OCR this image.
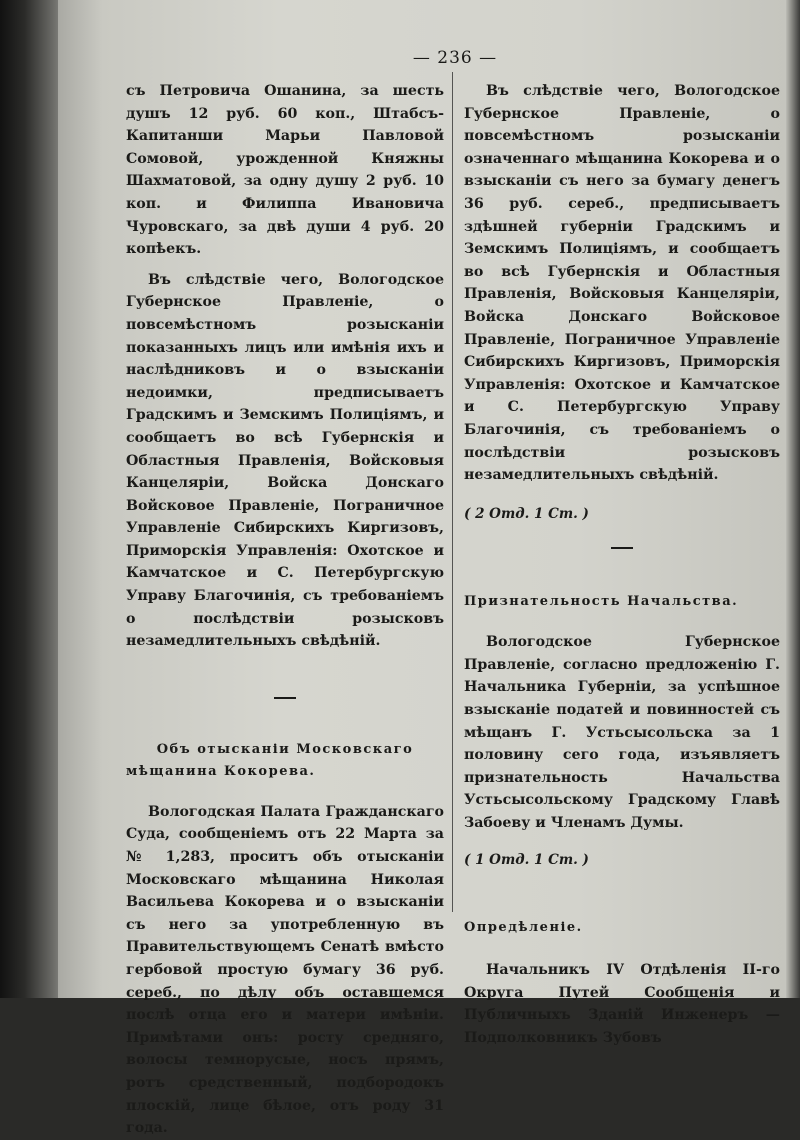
— 236 —

съ Петровича Ошанина, за шесть душъ 12 руб. 60 коп., Штабсъ-Капитанши Марьи Павловой Сомовой, урожденной Княжны Шахматовой, за одну душу 2 руб. 10 коп. и Филиппа Ивановича Чуровскаго, за двѣ души 4 руб. 20 копѣекъ.

Въ слѣдствіе чего, Вологодское Губернское Правленіе, о повсемѣстномъ розысканіи показанныхъ лицъ или имѣнія ихъ и наслѣдниковъ и о взысканіи недоимки, предписываетъ Градскимъ и Земскимъ Полиціямъ, и сообщаетъ во всѣ Губернскія и Областныя Правленія, Войсковыя Канцеляріи, Войска Донскаго Войсковое Правленіе, Пограничное Управленіе Сибирскихъ Киргизовъ, Приморскія Управленія: Охотское и Камчатское и С. Петербургскую Управу Благочинія, съ требованіемъ о послѣдствіи розысковъ незамедлительныхъ свѣдѣній.

Объ отысканіи Московскаго мѣщанина Кокорева.

Вологодская Палата Гражданскаго Суда, сообщеніемъ отъ 22 Марта за № 1,283, проситъ объ отысканіи Московскаго мѣщанина Николая Васильева Кокорева и о взысканіи съ него за употребленную въ Правительствующемъ Сенатѣ вмѣсто гербовой простую бумагу 36 руб. сереб., по дѣлу объ оставшемся послѣ отца его и матери имѣніи. Примѣтами онъ: росту средняго, волосы темнорусые, носъ прямъ, ротъ средственный, подбородокъ плоскій, лице бѣлое, отъ роду 31 года.

Въ слѣдствіе чего, Вологодское Губернское Правленіе, о повсемѣстномъ розысканіи означеннаго мѣщанина Кокорева и о взысканіи съ него за бумагу денегъ 36 руб. сереб., предписываетъ здѣшней губерніи Градскимъ и Земскимъ Полиціямъ, и сообщаетъ во всѣ Губернскія и Областныя Правленія, Войсковыя Канцеляріи, Войска Донскаго Войсковое Правленіе, Пограничное Управленіе Сибирскихъ Киргизовъ, Приморскія Управленія: Охотское и Камчатское и С. Петербургскую Управу Благочинія, съ требованіемъ о послѣдствіи розысковъ незамедлительныхъ свѣдѣній.

( 2 Отд. 1 Ст. )

Признательность Начальства.

Вологодское Губернское Правленіе, согласно предложенію Г. Начальника Губерніи, за успѣшное взысканіе податей и повинностей съ мѣщанъ Г. Устьсысольска за 1 половину сего года, изъявляетъ признательность Начальства Устьсысольскому Градскому Главѣ Забоеву и Членамъ Думы.

( 1 Отд. 1 Ст. )

Опредѣленіе.

Начальникъ IV Отдѣленія II-го Округа Путей Сообщенія и Публичныхъ Зданій Инженеръ — Подполковникъ Зубовъ
